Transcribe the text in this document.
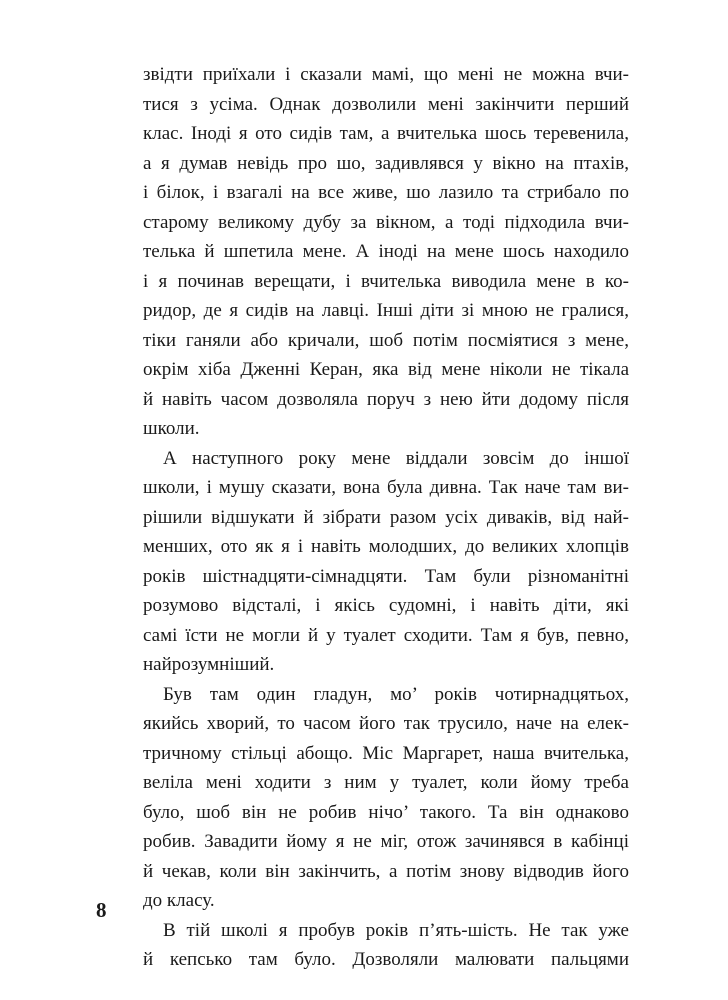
звідти приїхали і сказали мамі, що мені не можна вчи-
тися з усіма. Однак дозволили мені закінчити перший
клас. Іноді я ото сидів там, а вчителька шось теревенила,
а я думав невідь про шо, задивлявся у вікно на птахів,
і білок, і взагалі на все живе, шо лазило та стрибало по
старому великому дубу за вікном, а тоді підходила вчи-
телька й шпетила мене. А іноді на мене шось находило
і я починав верещати, і вчителька виводила мене в ко-
ридор, де я сидів на лавці. Інші діти зі мною не гралися,
тіки ганяли або кричали, шоб потім посміятися з мене,
окрім хіба Дженні Керан, яка від мене ніколи не тікала
й навіть часом дозволяла поруч з нею йти додому після
школи.
А наступного року мене віддали зовсім до іншої
школи, і мушу сказати, вона була дивна. Так наче там ви-
рішили відшукати й зібрати разом усіх диваків, від най-
менших, ото як я і навіть молодших, до великих хлопців
років шістнадцяти-сімнадцяти. Там були різноманітні
розумово відсталі, і якісь судомні, і навіть діти, які
самі їсти не могли й у туалет сходити. Там я був, певно,
найрозумніший.
Був там один гладун, мо’ років чотирнадцятьох,
якийсь хворий, то часом його так трусило, наче на елек-
тричному стільці абощо. Міс Маргарет, наша вчителька,
веліла мені ходити з ним у туалет, коли йому треба
було, шоб він не робив нічо’ такого. Та він однаково
робив. Завадити йому я не міг, отож зачинявся в кабінці
й чекав, коли він закінчить, а потім знову відводив його
до класу.
В тій школі я пробув років п’ять-шість. Не так уже
й кепсько там було. Дозволяли малювати пальцями
8
